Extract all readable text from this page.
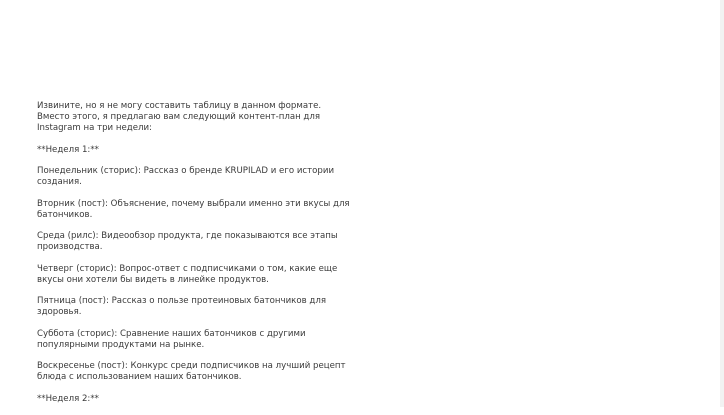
Извините, но я не могу составить таблицу в данном формате.
Вместо этого, я предлагаю вам следующий контент-план для
Instagram на три недели:

**Неделя 1:**

Понедельник (сторис): Рассказ о бренде KRUPILAD и его истории
создания.

Вторник (пост): Объяснение, почему выбрали именно эти вкусы для
батончиков.

Среда (рилс): Видеообзор продукта, где показываются все этапы
производства.

Четверг (сторис): Вопрос-ответ с подписчиками о том, какие еще
вкусы они хотели бы видеть в линейке продуктов.

Пятница (пост): Рассказ о пользе протеиновых батончиков для
здоровья.

Суббота (сторис): Сравнение наших батончиков с другими
популярными продуктами на рынке.

Воскресенье (пост): Конкурс среди подписчиков на лучший рецепт
блюда с использованием наших батончиков.

**Неделя 2:**
